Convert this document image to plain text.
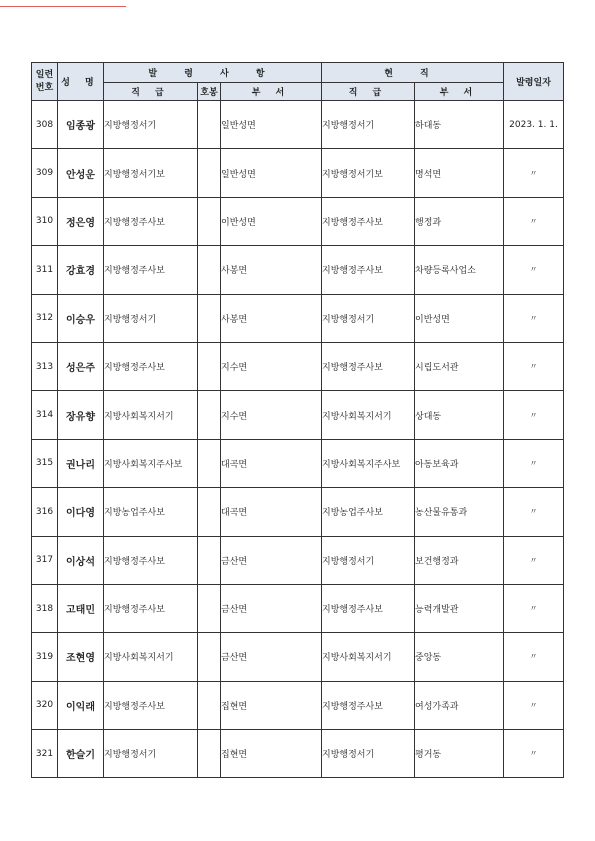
일련
번호	성 명	발 령 사 항			현 직		발령일자
		직 급	호봉	부 서	직 급	부 서	
308	임종광	지방행정서기		일반성면	지방행정서기	하대동	2023. 1. 1.
309	안성운	지방행정서기보		일반성면	지방행정서기보	명석면	〃
310	정은영	지방행정주사보		이반성면	지방행정주사보	행정과	〃
311	강효경	지방행정주사보		사봉면	지방행정주사보	차량등록사업소	〃
312	이승우	지방행정서기		사봉면	지방행정서기	이반성면	〃
313	성은주	지방행정주사보		지수면	지방행정주사보	시립도서관	〃
314	장유향	지방사회복지서기		지수면	지방사회복지서기	상대동	〃
315	권나리	지방사회복지주사보		대곡면	지방사회복지주사보	아동보육과	〃
316	이다영	지방농업주사보		대곡면	지방농업주사보	농산물유통과	〃
317	이상석	지방행정주사보		금산면	지방행정서기	보건행정과	〃
318	고태민	지방행정주사보		금산면	지방행정주사보	능력개발관	〃
319	조현영	지방사회복지서기		금산면	지방사회복지서기	중앙동	〃
320	이익래	지방행정주사보		집현면	지방행정주사보	여성가족과	〃
321	한슬기	지방행정서기		집현면	지방행정서기	평거동	〃
